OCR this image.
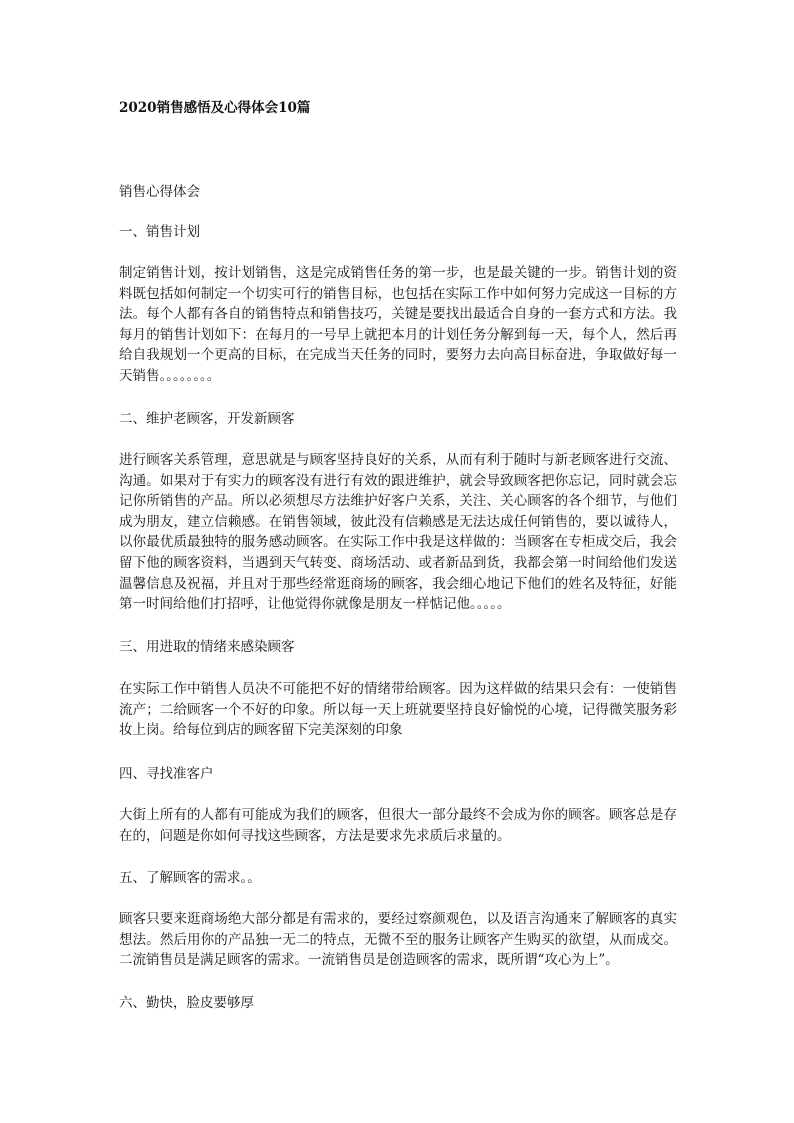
2020销售感悟及心得体会10篇

销售心得体会

一、销售计划

制定销售计划，按计划销售，这是完成销售任务的第一步，也是最关键的一步。销售计划的资料既包括如何制定一个切实可行的销售目标，也包括在实际工作中如何努力完成这一目标的方法。每个人都有各自的销售特点和销售技巧，关键是要找出最适合自身的一套方式和方法。我每月的销售计划如下：在每月的一号早上就把本月的计划任务分解到每一天，每个人，然后再给自我规划一个更高的目标，在完成当天任务的同时，要努力去向高目标奋进，争取做好每一天销售。。。。。。。。

二、维护老顾客，开发新顾客

进行顾客关系管理，意思就是与顾客坚持良好的关系，从而有利于随时与新老顾客进行交流、沟通。如果对于有实力的顾客没有进行有效的跟进维护，就会导致顾客把你忘记，同时就会忘记你所销售的产品。所以必须想尽方法维护好客户关系，关注、关心顾客的各个细节，与他们成为朋友，建立信赖感。在销售领域，彼此没有信赖感是无法达成任何销售的，要以诚待人，以你最优质最独特的服务感动顾客。在实际工作中我是这样做的：当顾客在专柜成交后，我会留下他的顾客资料，当遇到天气转变、商场活动、或者新品到货，我都会第一时间给他们发送温馨信息及祝福，并且对于那些经常逛商场的顾客，我会细心地记下他们的姓名及特征，好能第一时间给他们打招呼，让他觉得你就像是朋友一样惦记他。。。。。

三、用进取的情绪来感染顾客

在实际工作中销售人员决不可能把不好的情绪带给顾客。因为这样做的结果只会有：一使销售流产；二给顾客一个不好的印象。所以每一天上班就要坚持良好愉悦的心境，记得微笑服务彩妆上岗。给每位到店的顾客留下完美深刻的印象

四、寻找准客户

大街上所有的人都有可能成为我们的顾客，但很大一部分最终不会成为你的顾客。顾客总是存在的，问题是你如何寻找这些顾客，方法是要求先求质后求量的。

五、了解顾客的需求。。

顾客只要来逛商场绝大部分都是有需求的，要经过察颜观色，以及语言沟通来了解顾客的真实想法。然后用你的产品独一无二的特点，无微不至的服务让顾客产生购买的欲望，从而成交。二流销售员是满足顾客的需求。一流销售员是创造顾客的需求，既所谓“攻心为上”。

六、勤快，脸皮要够厚
